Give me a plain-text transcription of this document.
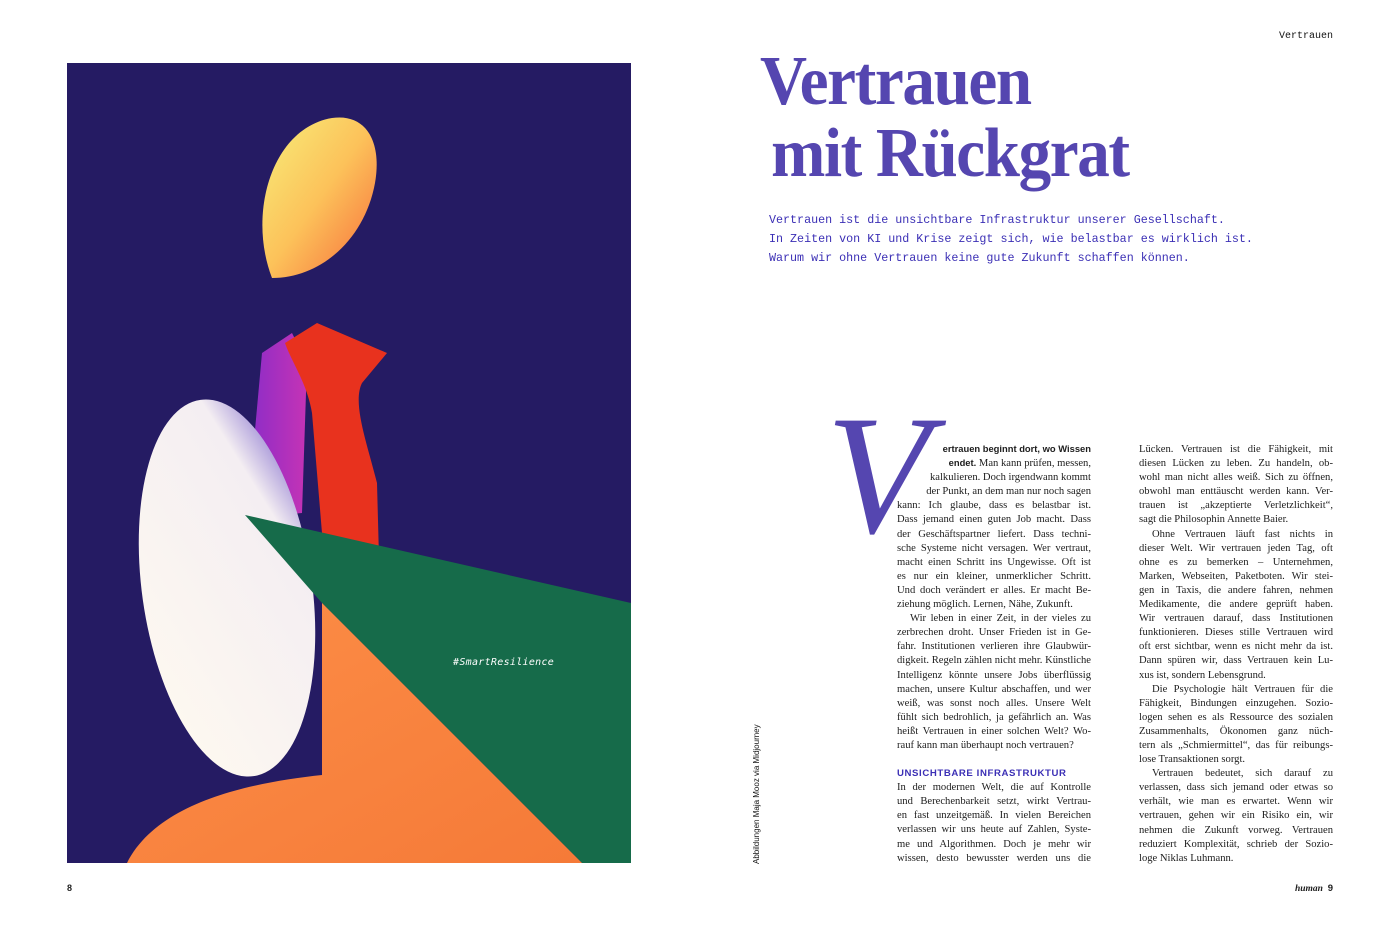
#SmartResilience
8
Abbildungen Maja Mooz via Midjourney
Vertrauen
Vertrauen
mit Rückgrat
Vertrauen ist die unsichtbare Infrastruktur unserer Gesellschaft.
In Zeiten von KI und Krise zeigt sich, wie belastbar es wirklich ist.
Warum wir ohne Vertrauen keine gute Zukunft schaffen können.
V	ertrauen beginnt dort, wo Wissen
endet. Man kann prüfen, messen,
kalkulieren. Doch irgendwann kommt
der Punkt, an dem man nur noch sagen
kann: Ich glaube, dass es belastbar ist.
Dass jemand einen guten Job macht. Dass
der Geschäftspartner liefert. Dass techni-
sche Systeme nicht versagen. Wer vertraut,
macht einen Schritt ins Ungewisse. Oft ist
es nur ein kleiner, unmerklicher Schritt.
Und doch verändert er alles. Er macht Be-
ziehung möglich. Lernen, Nähe, Zukunft.
Wir leben in einer Zeit, in der vieles zu
zerbrechen droht. Unser Frieden ist in Ge-
fahr. Institutionen verlieren ihre Glaubwür-
digkeit. Regeln zählen nicht mehr. Künstliche
Intelligenz könnte unsere Jobs überflüssig
machen, unsere Kultur abschaffen, und wer
weiß, was sonst noch alles. Unsere Welt
fühlt sich bedrohlich, ja gefährlich an. Was
heißt Vertrauen in einer solchen Welt? Wo-
rauf kann man überhaupt noch vertrauen?
UNSICHTBARE INFRASTRUKTUR
In der modernen Welt, die auf Kontrolle
und Berechenbarkeit setzt, wirkt Vertrau-
en fast unzeitgemäß. In vielen Bereichen
verlassen wir uns heute auf Zahlen, Syste-
me und Algorithmen. Doch je mehr wir
wissen, desto bewusster werden uns die
Lücken. Vertrauen ist die Fähigkeit, mit
diesen Lücken zu leben. Zu handeln, ob-
wohl man nicht alles weiß. Sich zu öffnen,
obwohl man enttäuscht werden kann. Ver-
trauen ist „akzeptierte Verletzlichkeit“,
sagt die Philosophin Annette Baier.
Ohne Vertrauen läuft fast nichts in
dieser Welt. Wir vertrauen jeden Tag, oft
ohne es zu bemerken – Unternehmen,
Marken, Webseiten, Paketboten. Wir stei-
gen in Taxis, die andere fahren, nehmen
Medikamente, die andere geprüft haben.
Wir vertrauen darauf, dass Institutionen
funktionieren. Dieses stille Vertrauen wird
oft erst sichtbar, wenn es nicht mehr da ist.
Dann spüren wir, dass Vertrauen kein Lu-
xus ist, sondern Lebensgrund.
Die Psychologie hält Vertrauen für die
Fähigkeit, Bindungen einzugehen. Sozio-
logen sehen es als Ressource des sozialen
Zusammenhalts, Ökonomen ganz nüch-
tern als „Schmiermittel“, das für reibungs-
lose Transaktionen sorgt.
Vertrauen bedeutet, sich darauf zu
verlassen, dass sich jemand oder etwas so
verhält, wie man es erwartet. Wenn wir
vertrauen, gehen wir ein Risiko ein, wir
nehmen die Zukunft vorweg. Vertrauen
reduziert Komplexität, schrieb der Sozio-
loge Niklas Luhmann.
human 9
